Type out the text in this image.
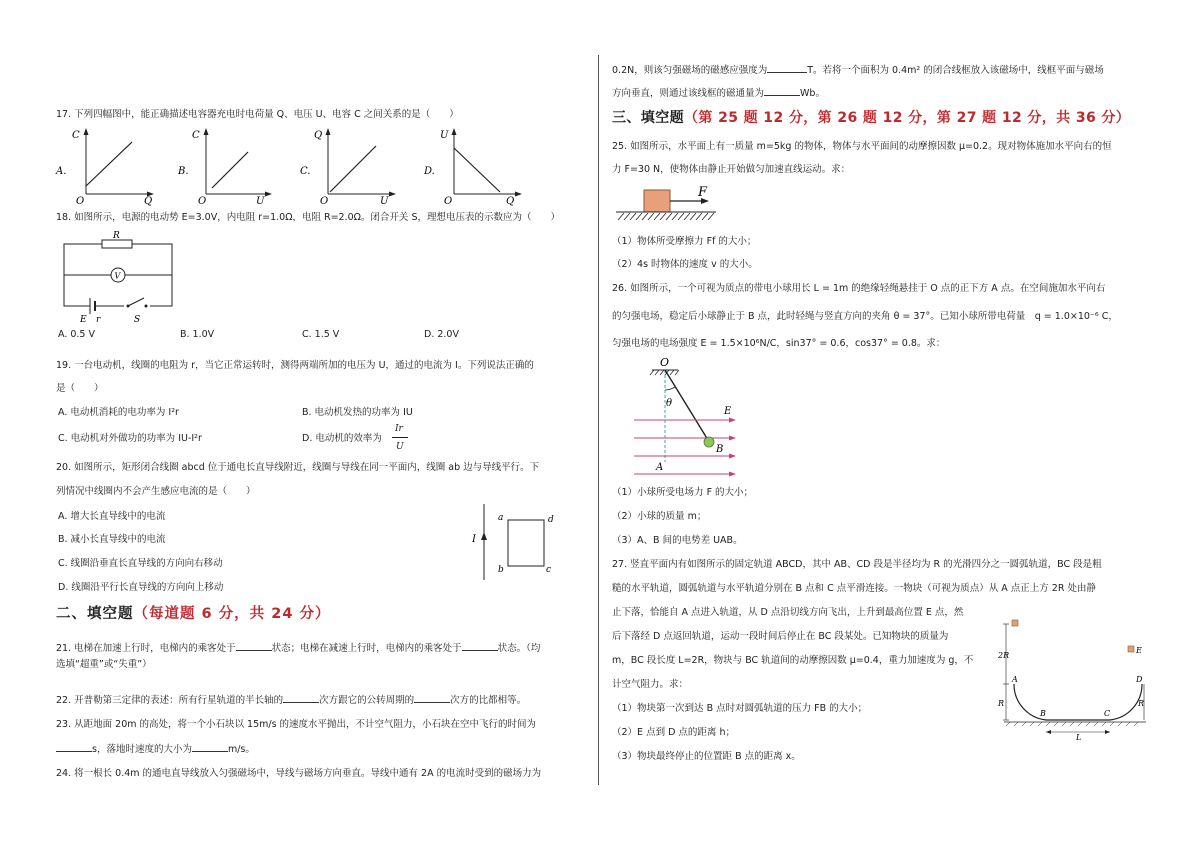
17. 下列四幅图中，能正确描述电容器充电时电荷量 Q、电压 U、电容 C 之间关系的是（　　）
A.
C
O	Q
B.
C
O	U
C.
Q
O	U
D.
U
O	Q
18. 如图所示，电源的电动势 E=3.0V，内电阻 r=1.0Ω，电阻 R=2.0Ω。闭合开关 S，理想电压表的示数应为（　　）
R
V
E r	S
A. 0.5 V	B. 1.0V	C. 1.5 V	D. 2.0V
19. 一台电动机，线圈的电阻为 r，当它正常运转时，测得两端所加的电压为 U，通过的电流为 I。下列说法正确的
是（　　）
A. 电动机消耗的电功率为 I²r	B. 电动机发热的功率为 IU
C. 电动机对外做功的功率为 IU-I²r	D. 电动机的效率为
Ir
U
20. 如图所示，矩形闭合线圈 abcd 位于通电长直导线附近，线圈与导线在同一平面内，线圈 ab 边与导线平行。下
列情况中线圈内不会产生感应电流的是（　　）
A. 增大长直导线中的电流
B. 减小长直导线中的电流
C. 线圈沿垂直长直导线的方向向右移动
D. 线圈沿平行长直导线的方向向上移动
I
a	d
b	c
二、填空题（每道题 6 分，共 24 分）
21. 电梯在加速上行时，电梯内的乘客处于	状态；电梯在减速上行时，电梯内的乘客处于	状态。（均
选填“超重”或“失重”）
22. 开普勒第三定律的表述：所有行星轨道的半长轴的	次方跟它的公转周期的	次方的比都相等。
23. 从距地面 20m 的高处，将一个小石块以 15m/s 的速度水平抛出，不计空气阻力，小石块在空中飞行的时间为
s，落地时速度的大小为	m/s。
24. 将一根长 0.4m 的通电直导线放入匀强磁场中，导线与磁场方向垂直。导线中通有 2A 的电流时受到的磁场力为
0.2N，则该匀强磁场的磁感应强度为	T。若将一个面积为 0.4m² 的闭合线框放入该磁场中，线框平面与磁场
方向垂直，则通过该线框的磁通量为	Wb。
三、填空题（第 25 题 12 分，第 26 题 12 分，第 27 题 12 分，共 36 分）
25. 如图所示，水平面上有一质量 m=5kg 的物体，物体与水平面间的动摩擦因数 μ=0.2。现对物体施加水平向右的恒
力 F=30 N，使物体由静止开始做匀加速直线运动。求：
F
（1）物体所受摩擦力 Ff 的大小；
（2）4s 时物体的速度 v 的大小。
26. 如图所示，一个可视为质点的带电小球用长 L = 1m 的绝缘轻绳悬挂于 O 点的正下方 A 点。在空间施加水平向右
的匀强电场，稳定后小球静止于 B 点，此时轻绳与竖直方向的夹角 θ = 37°。已知小球所带电荷量　q = 1.0×10⁻⁶ C，
匀强电场的电场强度 E = 1.5×10⁶N/C，sin37° = 0.6，cos37° = 0.8。求：
O
θ
E
B
A
（1）小球所受电场力 F 的大小；
（2）小球的质量 m；
（3）A、B 间的电势差 UAB。
27. 竖直平面内有如图所示的固定轨道 ABCD，其中 AB、CD 段是半径均为 R 的光滑四分之一圆弧轨道，BC 段是粗
糙的水平轨道，圆弧轨道与水平轨道分别在 B 点和 C 点平滑连接。一物块（可视为质点）从 A 点正上方 2R 处由静
止下落，恰能自 A 点进入轨道，从 D 点沿切线方向飞出，上升到最高位置 E 点，然
后下落经 D 点返回轨道，运动一段时间后停止在 BC 段某处。已知物块的质量为
m，BC 段长度 L=2R，物块与 BC 轨道间的动摩擦因数 μ=0.4，重力加速度为 g，不
计空气阻力。求：
（1）物块第一次到达 B 点时对圆弧轨道的压力 FB 的大小；
（2）E 点到 D 点的距离 h；
（3）物块最终停止的位置距 B 点的距离 x。
2R
E
R
A	D
R
B	C
L
